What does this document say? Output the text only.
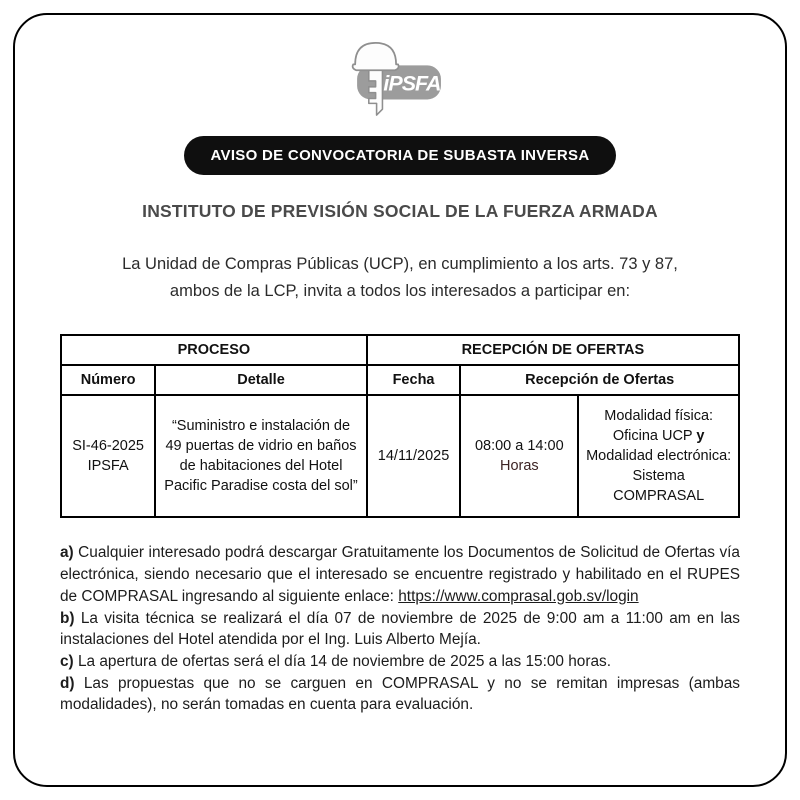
iPSFA
AVISO DE CONVOCATORIA DE SUBASTA INVERSA
INSTITUTO DE PREVISIÓN SOCIAL DE LA FUERZA ARMADA

La Unidad de Compras Públicas (UCP), en cumplimiento a los arts. 73 y 87, ambos de la LCP, invita a todos los interesados a participar en:

PROCESO		RECEPCIÓN DE OFERTAS		
Número	Detalle	Fecha	Recepción de Ofertas	
SI-46-2025 IPSFA	“Suministro e instalación de 49 puertas de vidrio en baños de habitaciones del Hotel Pacific Paradise costa del sol”	14/11/2025	08:00 a 14:00 Horas	Modalidad física: Oficina UCP y Modalidad electrónica: Sistema COMPRASAL

a) Cualquier interesado podrá descargar Gratuitamente los Documentos de Solicitud de Ofertas vía electrónica, siendo necesario que el interesado se encuentre registrado y habilitado en el RUPES de COMPRASAL ingresando al siguiente enlace: https://www.comprasal.gob.sv/login

b) La visita técnica se realizará el día 07 de noviembre de 2025 de 9:00 am a 11:00 am en las instalaciones del Hotel atendida por el Ing. Luis Alberto Mejía.

c) La apertura de ofertas será el día 14 de noviembre de 2025 a las 15:00 horas.

d) Las propuestas que no se carguen en COMPRASAL y no se remitan impresas (ambas modalidades), no serán tomadas en cuenta para evaluación.
